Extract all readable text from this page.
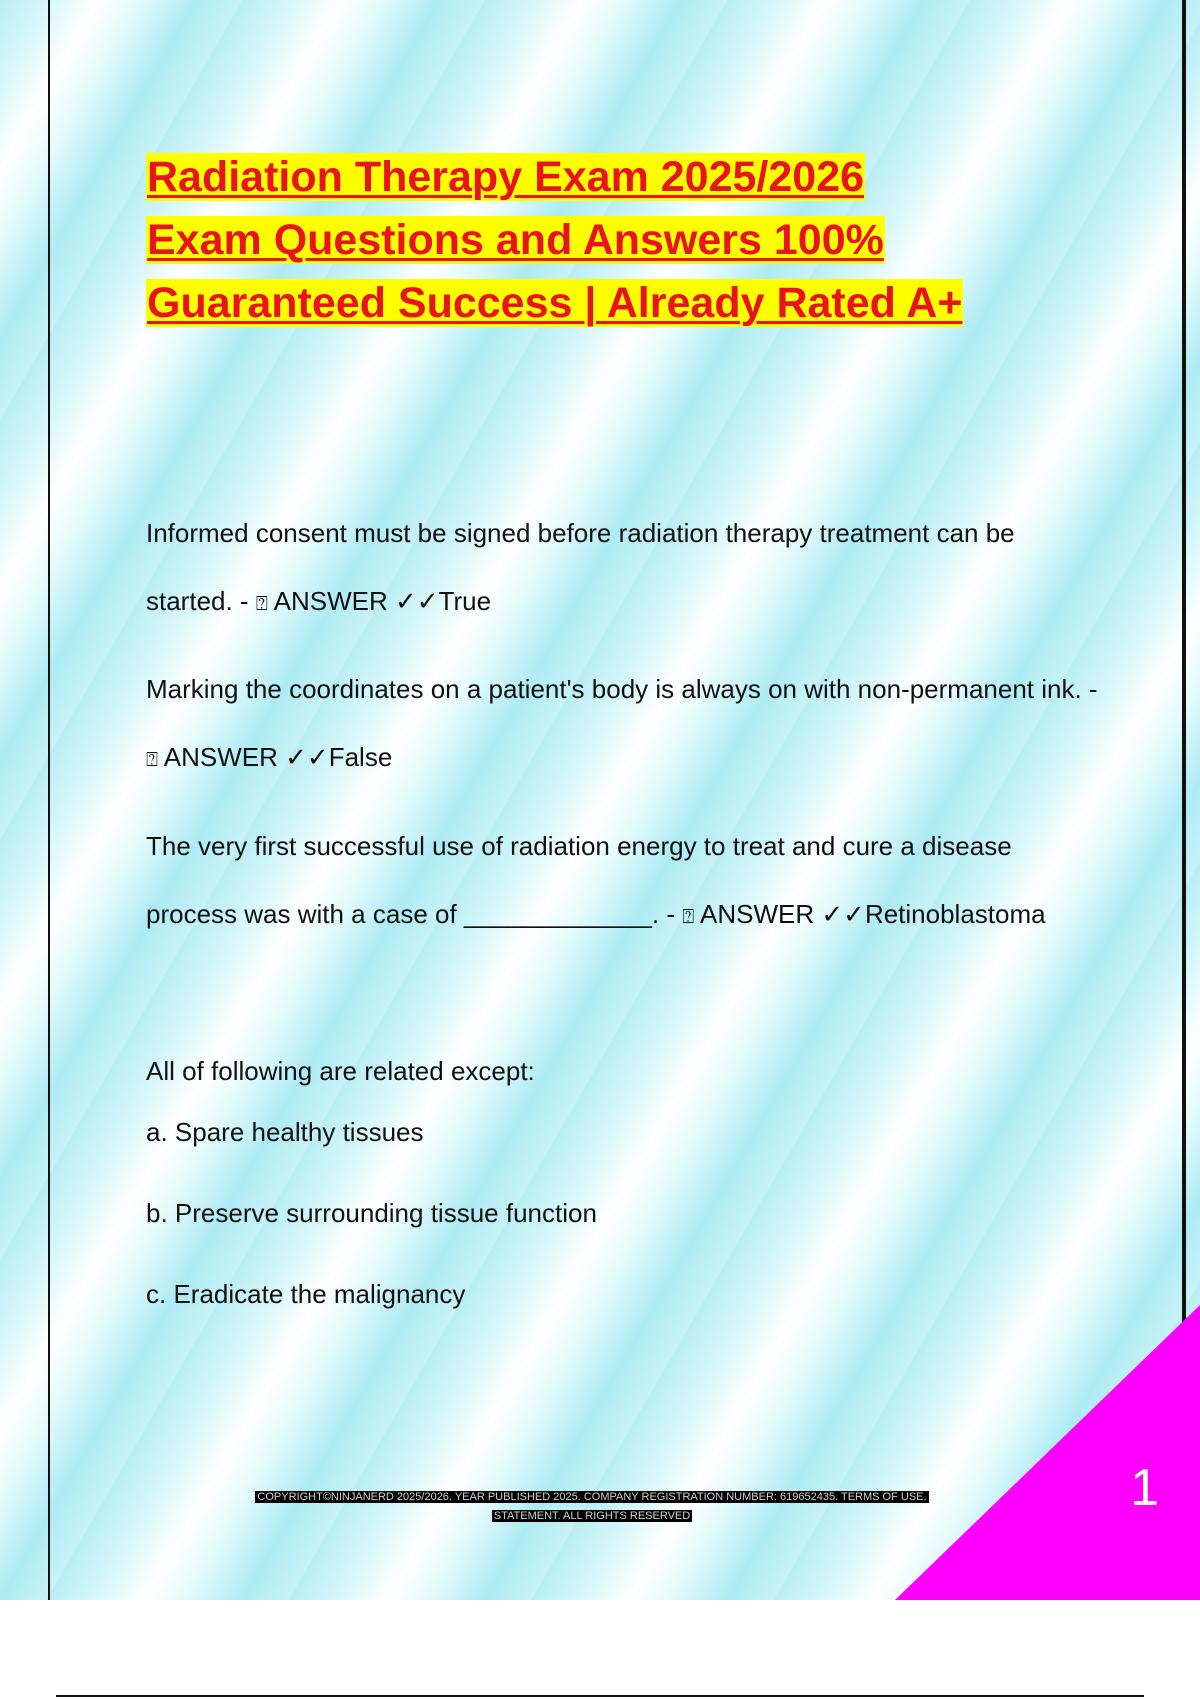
Radiation Therapy Exam 2025/2026
Exam Questions and Answers 100%
Guaranteed Success | Already Rated A+

Informed consent must be signed before radiation therapy treatment can be started. - ⍰ ANSWER ✓✓True

Marking the coordinates on a patient's body is always on with non-permanent ink. - ⍰ ANSWER ✓✓False

The very first successful use of radiation energy to treat and cure a disease process was with a case of _____________. - ⍰ ANSWER ✓✓Retinoblastoma

All of following are related except:

a. Spare healthy tissues
b. Preserve surrounding tissue function
c. Eradicate the malignancy
1
COPYRIGHT©NINJANERD 2025/2026. YEAR PUBLISHED 2025. COMPANY REGISTRATION NUMBER: 619652435. TERMS OF USE.
STATEMENT. ALL RIGHTS RESERVED
